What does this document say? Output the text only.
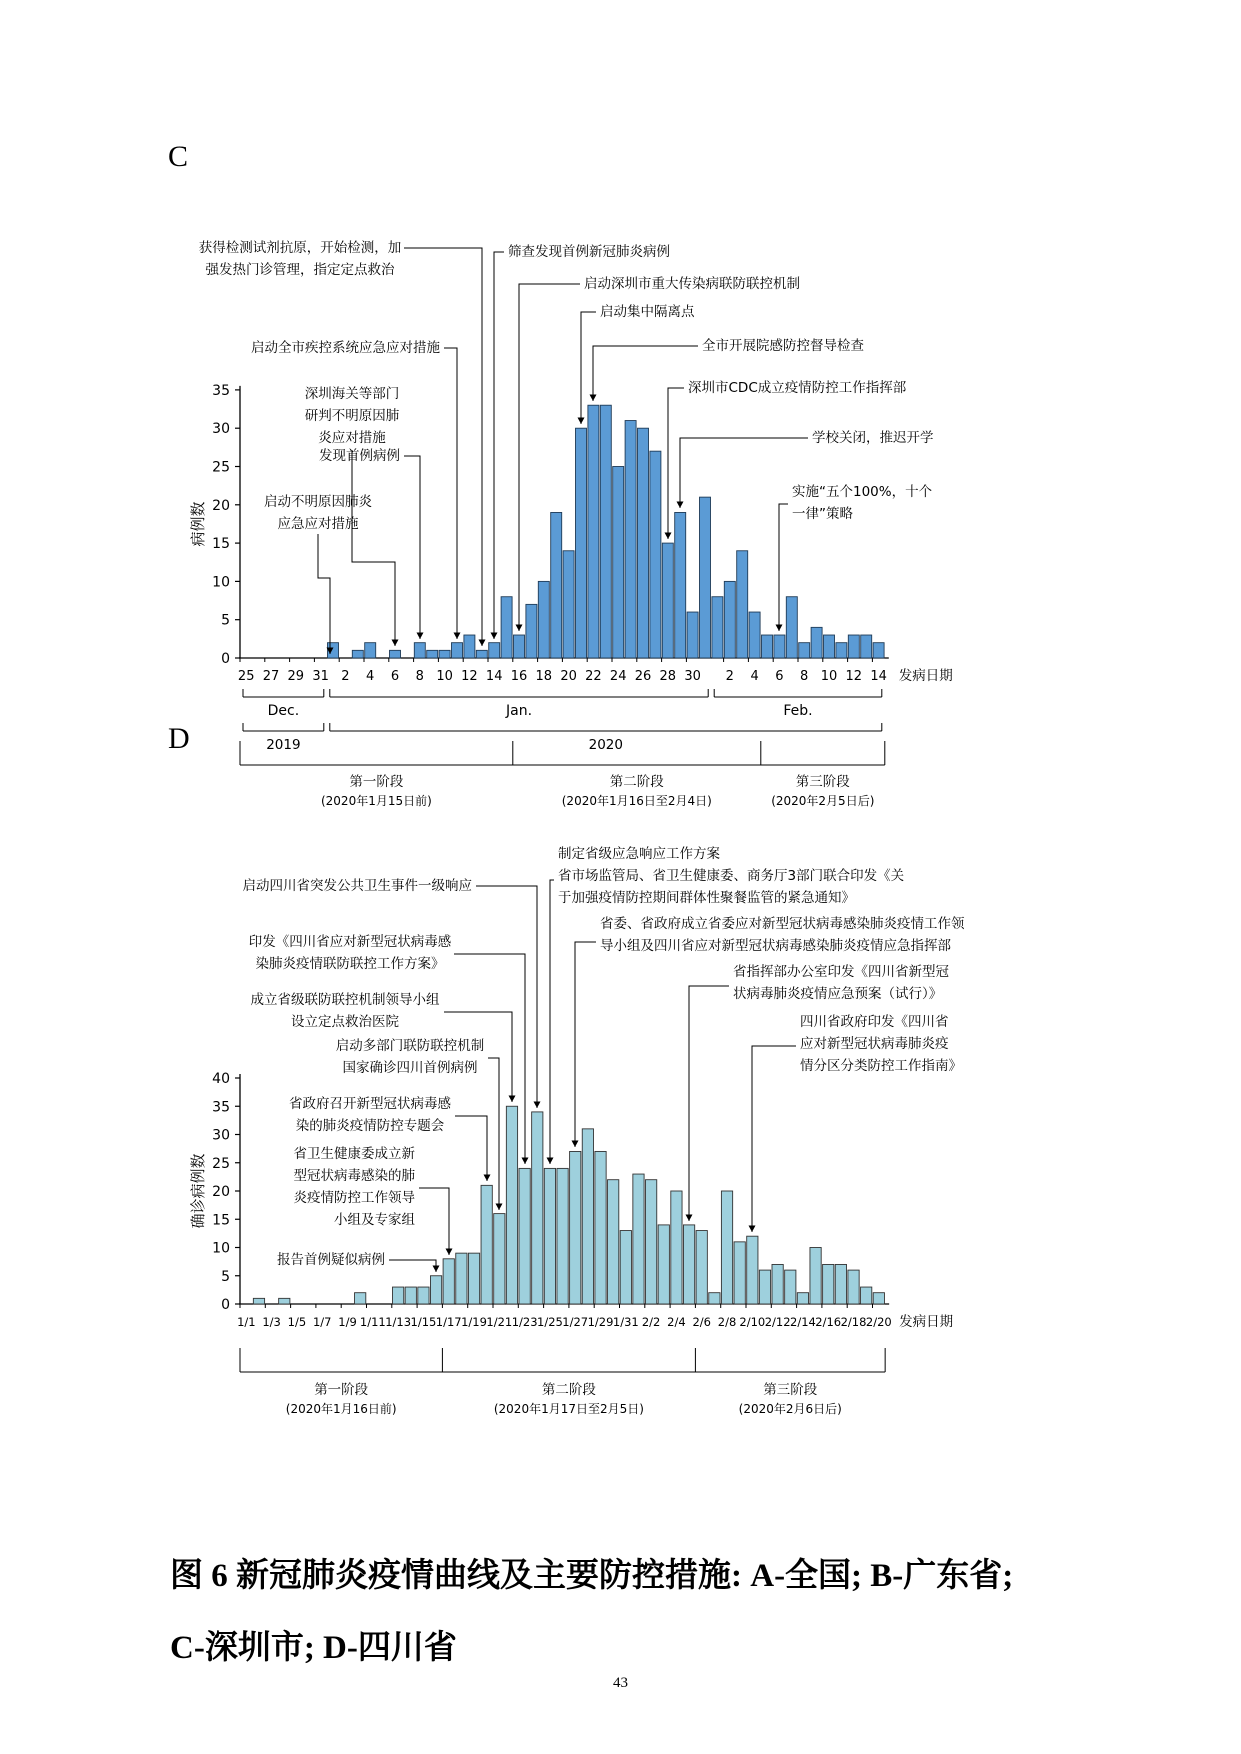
C
D
0
5
10
15
20
25
30
35
病例数
25 27 29 31 2 4 6 8 10 12 14 16 18 20 22 24 26 28 30 2 4 6 8 10 12 14 发病日期
Dec.	Jan.	Feb.
2019	2020
第一阶段
(2020年1月15日前)
第二阶段
(2020年1月16日至2月4日)
第三阶段
(2020年2月5日后)
获得检测试剂抗原，开始检测，加强发热门诊管理，指定定点救治
筛查发现首例新冠肺炎病例
启动深圳市重大传染病联防联控机制
启动全市疾控系统应急应对措施
深圳海关等部门研判不明原因肺炎应对措施
发现首例病例
启动不明原因肺炎应急应对措施
启动集中隔离点
全市开展院感防控督导检查
深圳市CDC成立疫情防控工作指挥部
学校关闭，推迟开学
实施“五个100%，十个一律”策略
0
5
10
15
20
25
30
35
40
确诊病例数
1/1 1/3 1/5 1/7 1/9 1/11 1/13 1/15 1/17 1/19 1/21 1/23 1/25 1/27 1/29 1/31 2/2 2/4 2/6 2/8 2/10 2/12 2/14 2/16 2/18 2/20 发病日期
第一阶段
(2020年1月16日前)
第二阶段
(2020年1月17日至2月5日)
第三阶段
(2020年2月6日后)
启动四川省突发公共卫生事件一级响应
印发《四川省应对新型冠状病毒感染肺炎疫情联防联控工作方案》
成立省级联防联控机制领导小组设立定点救治医院
启动多部门联防联控机制国家确诊四川首例病例
省政府召开新型冠状病毒感染的肺炎疫情防控专题会
省卫生健康委成立新型冠状病毒感染的肺炎疫情防控工作领导小组及专家组
报告首例疑似病例
制定省级应急响应工作方案省市场监管局、省卫生健康委、商务厅3部门联合印发《关于加强疫情防控期间群体性聚餐监管的紧急通知》
省委、省政府成立省委应对新型冠状病毒感染肺炎疫情工作领导小组及四川省应对新型冠状病毒感染肺炎疫情应急指挥部
省指挥部办公室印发《四川省新型冠状病毒肺炎疫情应急预案（试行）》
四川省政府印发《四川省应对新型冠状病毒肺炎疫情分区分类防控工作指南》
图 6 新冠肺炎疫情曲线及主要防控措施: A-全国; B-广东省;
C-深圳市; D-四川省
43
